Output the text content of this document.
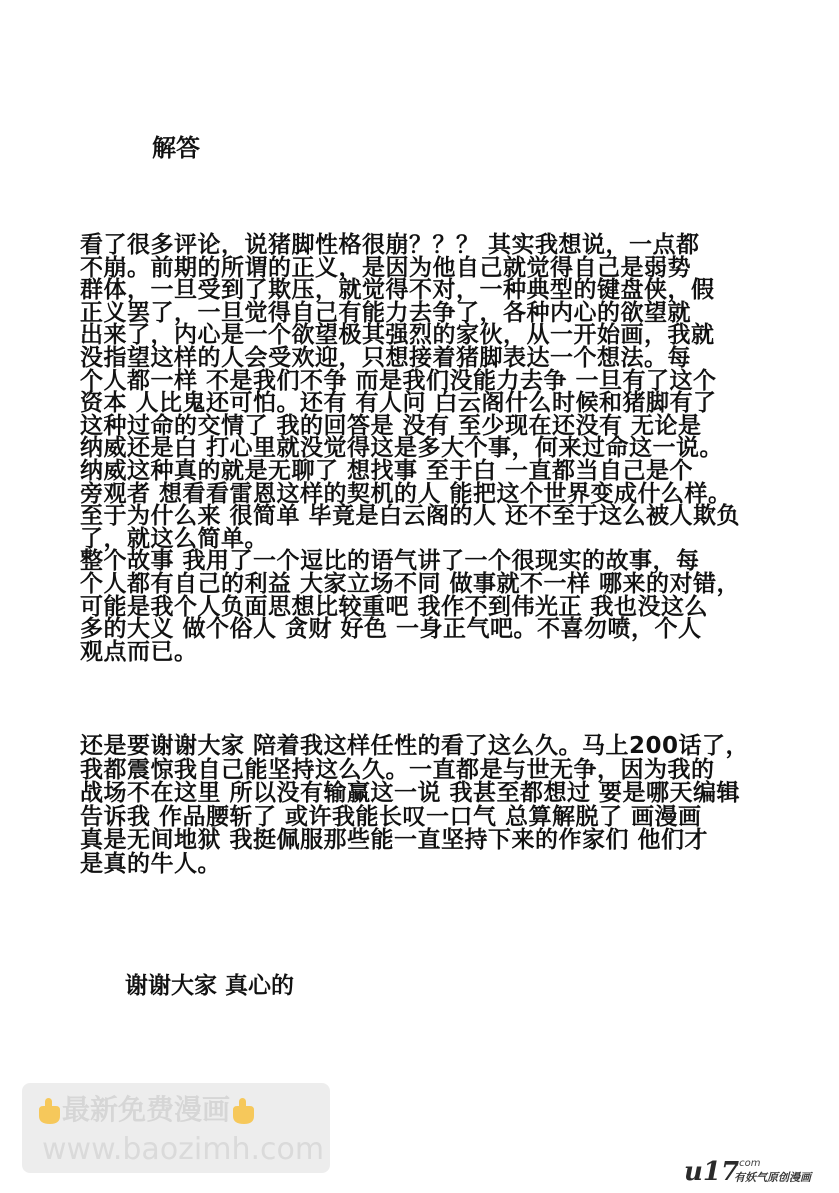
解答
看了很多评论，说猪脚性格很崩？？？ 其实我想说，一点都
不崩。前期的所谓的正义，是因为他自己就觉得自己是弱势
群体，一旦受到了欺压，就觉得不对，一种典型的键盘侠，假
正义罢了，一旦觉得自己有能力去争了，各种内心的欲望就
出来了，内心是一个欲望极其强烈的家伙，从一开始画，我就
没指望这样的人会受欢迎，只想接着猪脚表达一个想法。每
个人都一样 不是我们不争 而是我们没能力去争 一旦有了这个
资本 人比鬼还可怕。还有 有人问 白云阁什么时候和猪脚有了
这种过命的交情了 我的回答是 没有 至少现在还没有 无论是
纳威还是白 打心里就没觉得这是多大个事，何来过命这一说。
纳威这种真的就是无聊了 想找事 至于白 一直都当自己是个
旁观者 想看看雷恩这样的契机的人 能把这个世界变成什么样。
至于为什么来 很简单 毕竟是白云阁的人 还不至于这么被人欺负
了，就这么简单。
整个故事 我用了一个逗比的语气讲了一个很现实的故事，每
个人都有自己的利益 大家立场不同 做事就不一样 哪来的对错，
可能是我个人负面思想比较重吧 我作不到伟光正 我也没这么
多的大义 做个俗人 贪财 好色 一身正气吧。不喜勿喷，个人
观点而已。
还是要谢谢大家 陪着我这样任性的看了这么久。马上200话了，
我都震惊我自己能坚持这么久。一直都是与世无争，因为我的
战场不在这里 所以没有输赢这一说 我甚至都想过 要是哪天编辑
告诉我 作品腰斩了 或许我能长叹一口气 总算解脱了 画漫画
真是无间地狱 我挺佩服那些能一直坚持下来的作家们 他们才
是真的牛人。
谢谢大家 真心的
最新免费漫画
www.baozimh.com
u17
.com
有妖气原创漫画
